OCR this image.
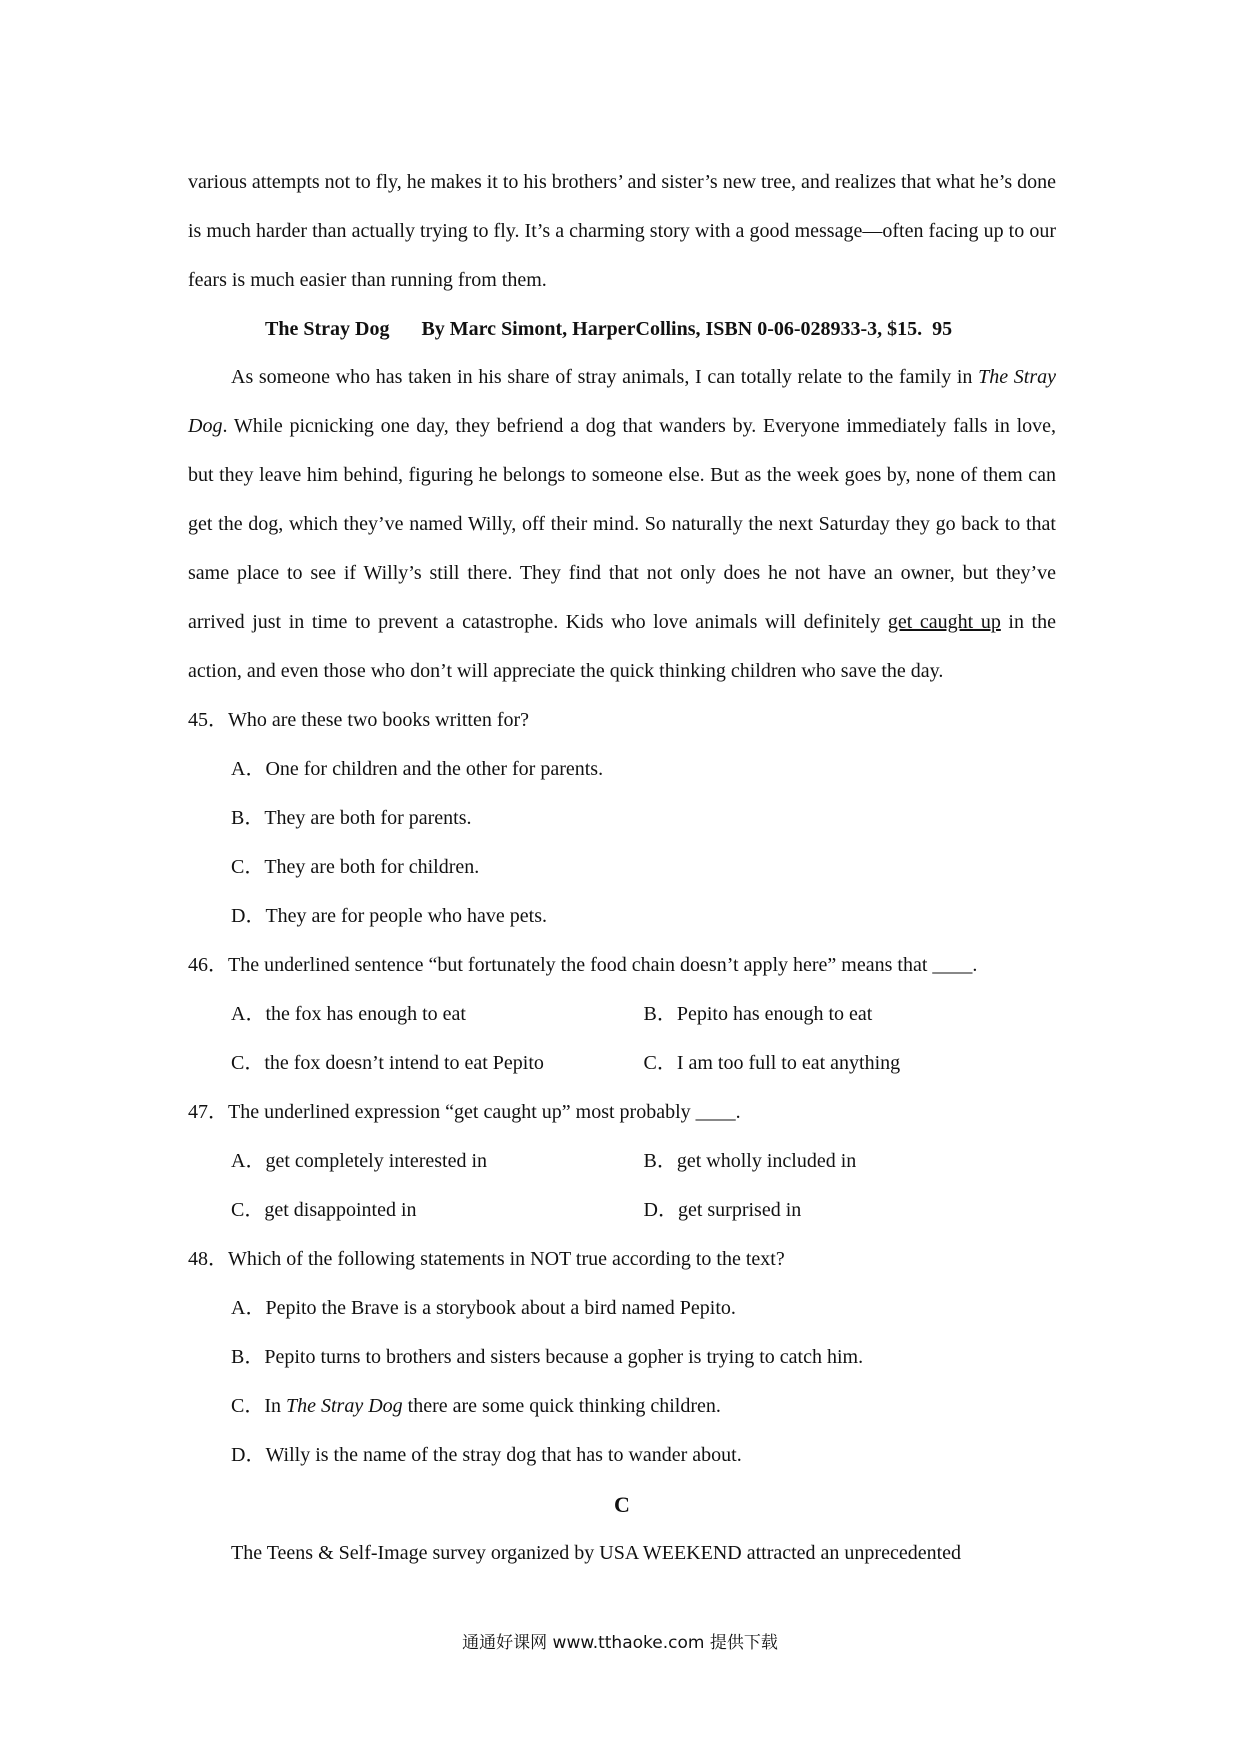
various attempts not to fly, he makes it to his brothers’ and sister’s new tree, and realizes that what he’s done is much harder than actually trying to fly. It’s a charming story with a good message—often facing up to our fears is much easier than running from them.

The Stray Dog By Marc Simont, HarperCollins, ISBN 0-06-028933-3, $15.  95

As someone who has taken in his share of stray animals, I can totally relate to the family in The Stray Dog. While picnicking one day, they befriend a dog that wanders by. Everyone immediately falls in love, but they leave him behind, figuring he belongs to someone else. But as the week goes by, none of them can get the dog, which they’ve named Willy, off their mind. So naturally the next Saturday they go back to that same place to see if Willy’s still there. They find that not only does he not have an owner, but they’ve arrived just in time to prevent a catastrophe. Kids who love animals will definitely get caught up in the action, and even those who don’t will appreciate the quick thinking children who save the day.

45．Who are these two books written for?

A．One for children and the other for parents.

B．They are both for parents.

C．They are both for children.

D．They are for people who have pets.

46．The underlined sentence “but fortunately the food chain doesn’t apply here” means that ____.

A．the fox has enough to eat	B．Pepito has enough to eat
C．the fox doesn’t intend to eat Pepito	C．I am too full to eat anything

47．The underlined expression “get caught up” most probably ____.

A．get completely interested in	B．get wholly included in
C．get disappointed in	D．get surprised in

48．Which of the following statements in NOT true according to the text?

A．Pepito the Brave is a storybook about a bird named Pepito.

B．Pepito turns to brothers and sisters because a gopher is trying to catch him.

C．In The Stray Dog there are some quick thinking children.

D．Willy is the name of the stray dog that has to wander about.

C

The Teens & Self-Image survey organized by USA WEEKEND attracted an unprecedented

通通好课网 www.tthaoke.com 提供下载
